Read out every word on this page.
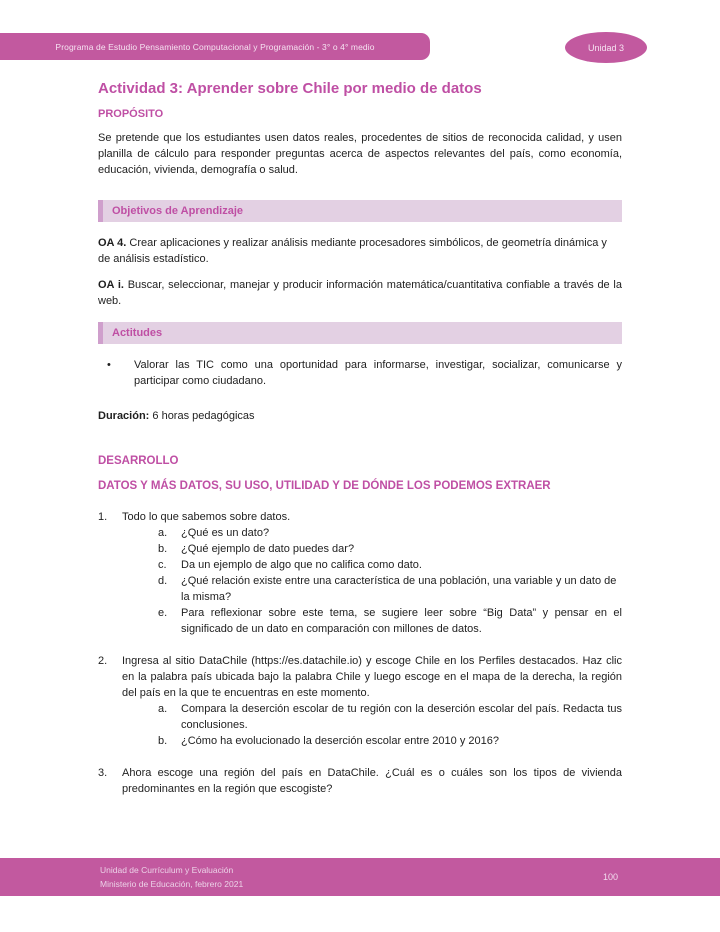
Programa de Estudio Pensamiento Computacional y Programación - 3° o 4° medio	Unidad 3
Actividad 3: Aprender sobre Chile por medio de datos
PROPÓSITO

Se pretende que los estudiantes usen datos reales, procedentes de sitios de reconocida calidad, y usen planilla de cálculo para responder preguntas acerca de aspectos relevantes del país, como economía, educación, vivienda, demografía o salud.

Objetivos de Aprendizaje

OA 4. Crear aplicaciones y realizar análisis mediante procesadores simbólicos, de geometría dinámica y de análisis estadístico.

OA i. Buscar, seleccionar, manejar y producir información matemática/cuantitativa confiable a través de la web.

Actitudes
•	Valorar las TIC como una oportunidad para informarse, investigar, socializar, comunicarse y participar como ciudadano.

Duración: 6 horas pedagógicas

DESARROLLO
DATOS Y MÁS DATOS, SU USO, UTILIDAD Y DE DÓNDE LOS PODEMOS EXTRAER
1.	Todo lo que sabemos sobre datos.
a.	¿Qué es un dato?
b.	¿Qué ejemplo de dato puedes dar?
c.	Da un ejemplo de algo que no califica como dato.
d.	¿Qué relación existe entre una característica de una población, una variable y un dato de la misma?
e.	Para reflexionar sobre este tema, se sugiere leer sobre “Big Data” y pensar en el significado de un dato en comparación con millones de datos.
2.	Ingresa al sitio DataChile (https://es.datachile.io) y escoge Chile en los Perfiles destacados. Haz clic en la palabra país ubicada bajo la palabra Chile y luego escoge en el mapa de la derecha, la región del país en la que te encuentras en este momento.
a.	Compara la deserción escolar de tu región con la deserción escolar del país. Redacta tus conclusiones.
b.	¿Cómo ha evolucionado la deserción escolar entre 2010 y 2016?
3.	Ahora escoge una región del país en DataChile. ¿Cuál es o cuáles son los tipos de vivienda predominantes en la región que escogiste?
Unidad de Currículum y Evaluación
Ministerio de Educación, febrero 2021
100
